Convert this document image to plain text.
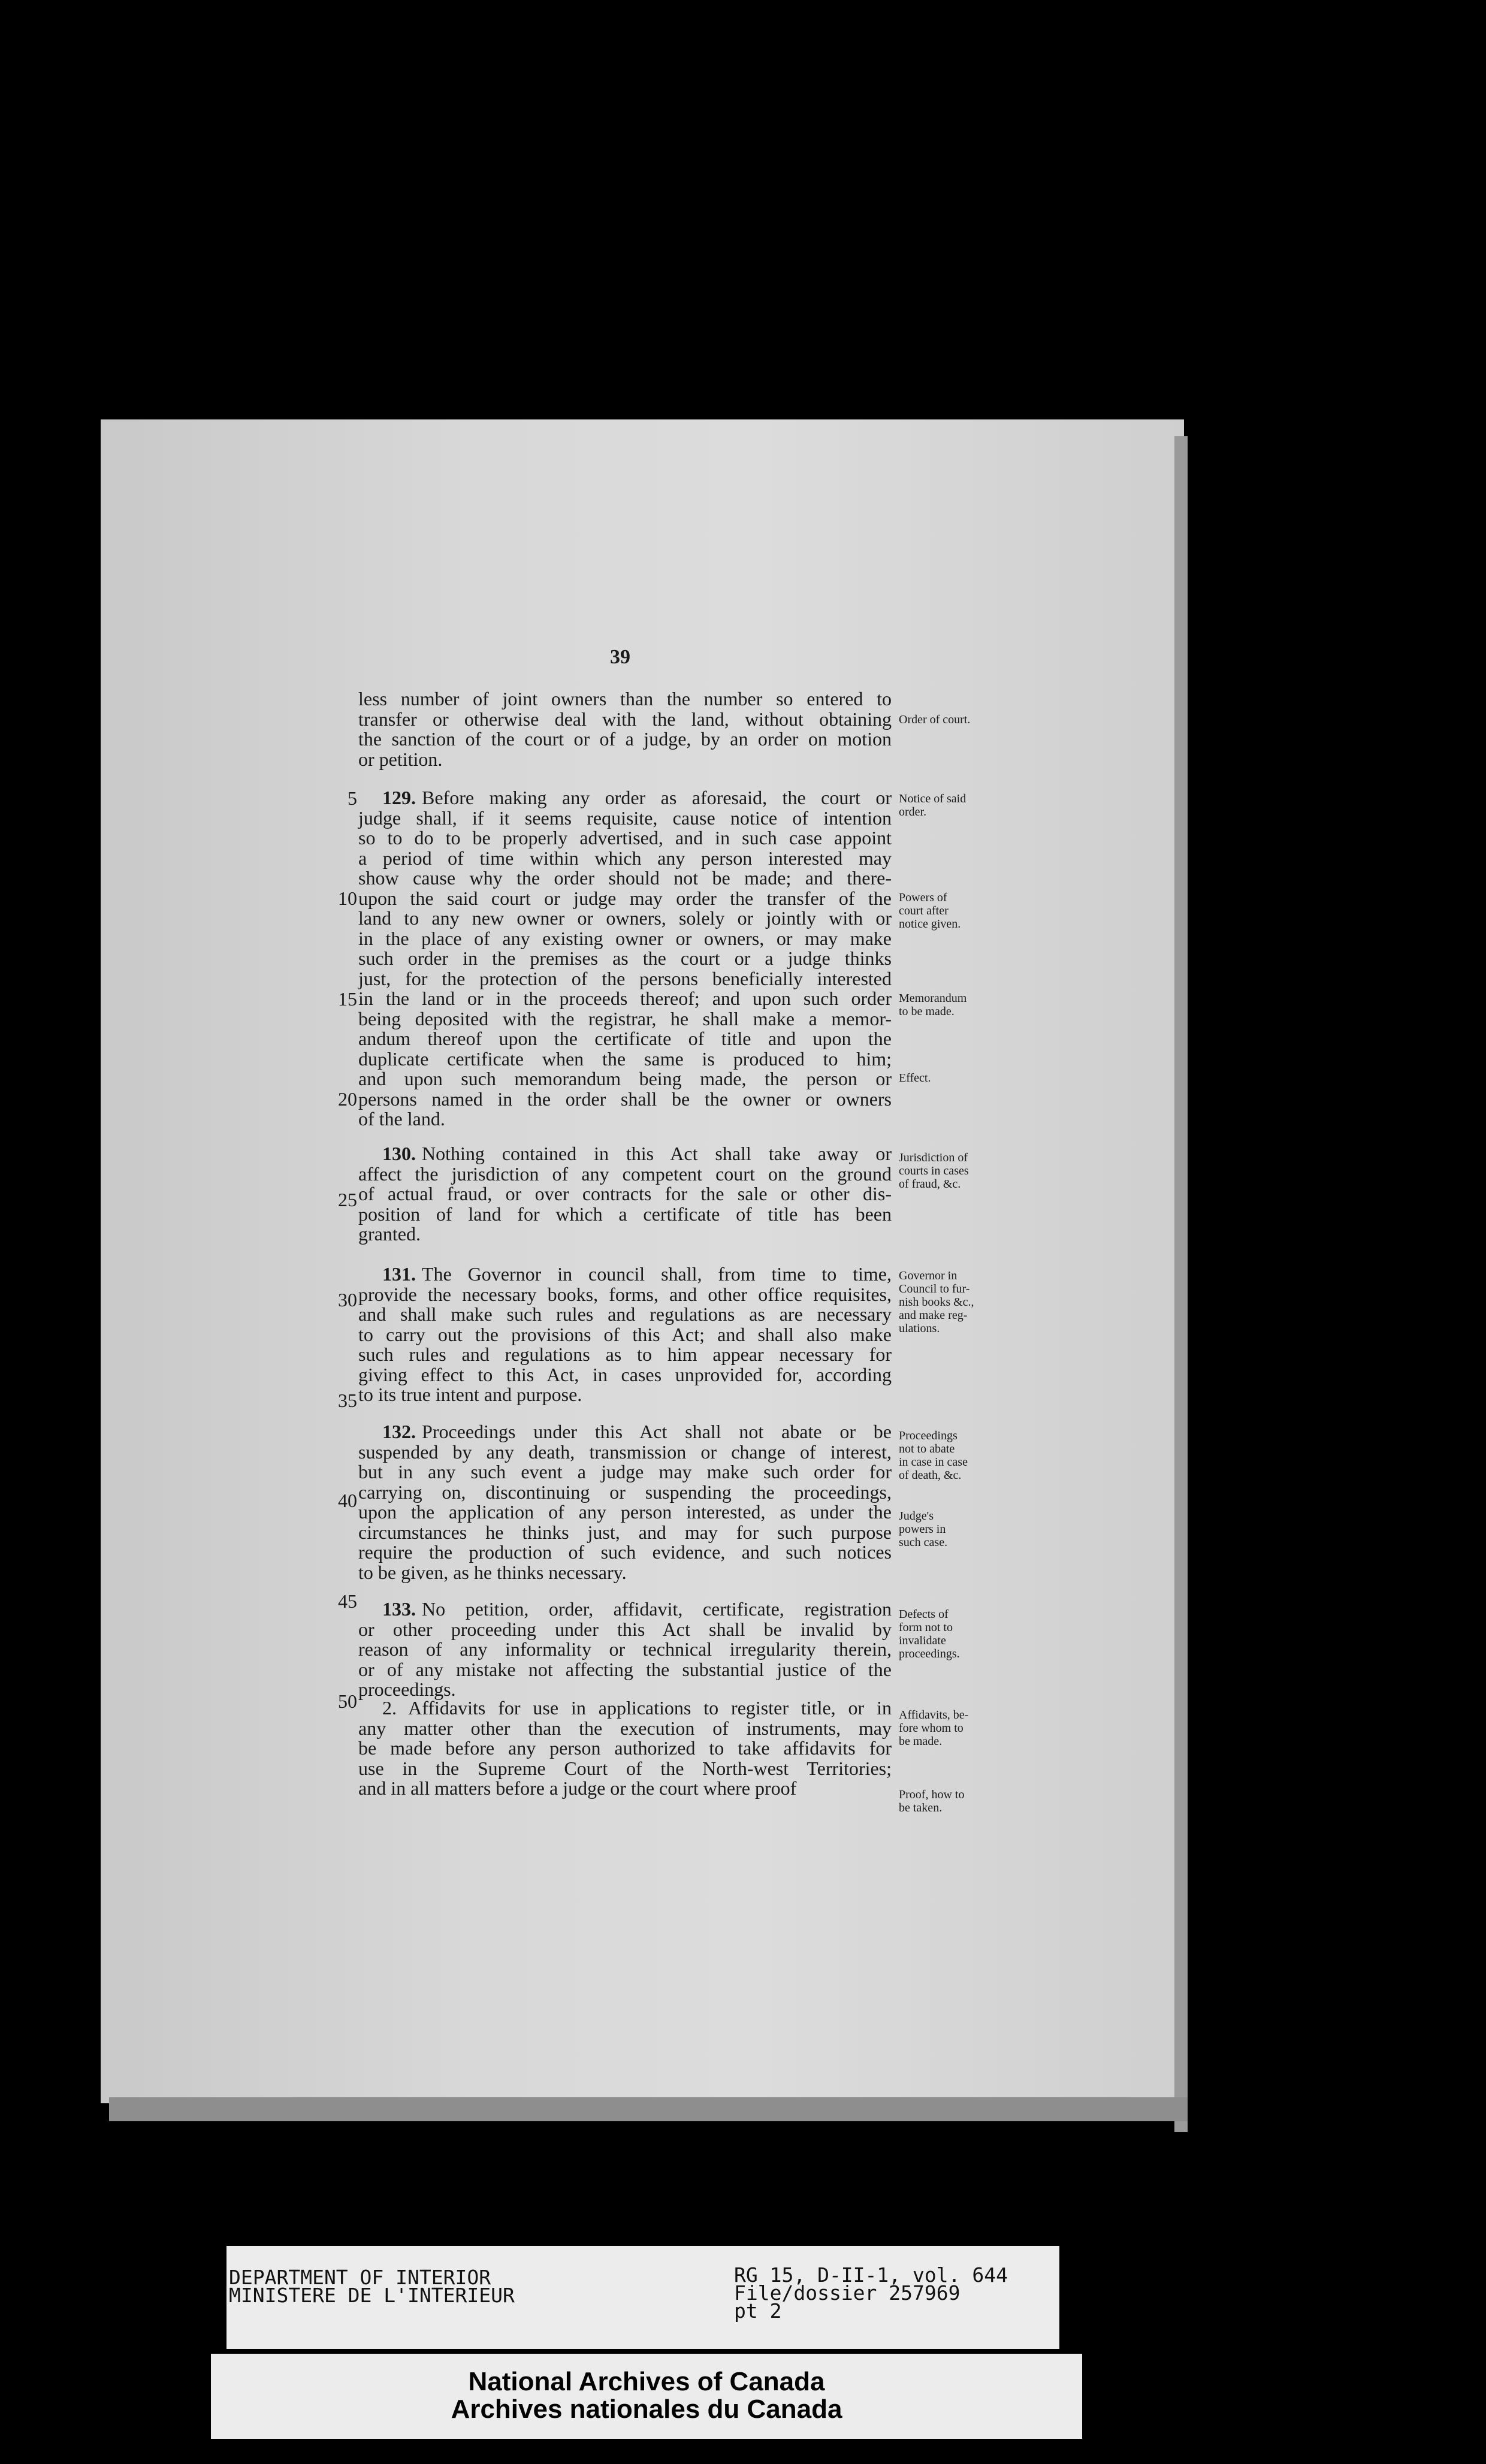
39
less number of joint owners than the number so entered to
transfer or otherwise deal with the land, without obtaining
the sanction of the court or of a judge, by an order on motion
or petition.
129. Before making any order as aforesaid, the court or
judge shall, if it seems requisite, cause notice of intention
so to do to be properly advertised, and in such case appoint
a period of time within which any person interested may
show cause why the order should not be made; and there-
upon the said court or judge may order the transfer of the
land to any new owner or owners, solely or jointly with or
in the place of any existing owner or owners, or may make
such order in the premises as the court or a judge thinks
just, for the protection of the persons beneficially interested
in the land or in the proceeds thereof; and upon such order
being deposited with the registrar, he shall make a memor-
andum thereof upon the certificate of title and upon the
duplicate certificate when the same is produced to him;
and upon such memorandum being made, the person or
persons named in the order shall be the owner or owners
of the land.
130. Nothing contained in this Act shall take away or
affect the jurisdiction of any competent court on the ground
of actual fraud, or over contracts for the sale or other dis-
position of land for which a certificate of title has been
granted.
131. The Governor in council shall, from time to time,
provide the necessary books, forms, and other office requisites,
and shall make such rules and regulations as are necessary
to carry out the provisions of this Act; and shall also make
such rules and regulations as to him appear necessary for
giving effect to this Act, in cases unprovided for, according
to its true intent and purpose.
132. Proceedings under this Act shall not abate or be
suspended by any death, transmission or change of interest,
but in any such event a judge may make such order for
carrying on, discontinuing or suspending the proceedings,
upon the application of any person interested, as under the
circumstances he thinks just, and may for such purpose
require the production of such evidence, and such notices
to be given, as he thinks necessary.
133. No petition, order, affidavit, certificate, registration
or other proceeding under this Act shall be invalid by
reason of any informality or technical irregularity therein,
or of any mistake not affecting the substantial justice of the
proceedings.
2. Affidavits for use in applications to register title, or in
any matter other than the execution of instruments, may
be made before any person authorized to take affidavits for
use in the Supreme Court of the North-west Territories;
and in all matters before a judge or the court where proof
5
10
15
20
25
30
35
40
45
50
Order of court.
Notice of said
order.
Powers of
court after
notice given.
Memorandum
to be made.
Effect.
Jurisdiction of
courts in cases
of fraud, &c.
Governor in
Council to fur-
nish books &c.,
and make reg-
ulations.
Proceedings
not to abate
in case in case
of death, &c.
Judge's
powers in
such case.
Defects of
form not to
invalidate
proceedings.
Affidavits, be-
fore whom to
be made.
Proof, how to
be taken.
DEPARTMENT OF INTERIOR
MINISTERE DE L'INTERIEUR
RG 15, D-II-1, vol. 644
File/dossier 257969
pt 2
National Archives of Canada
Archives nationales du Canada
